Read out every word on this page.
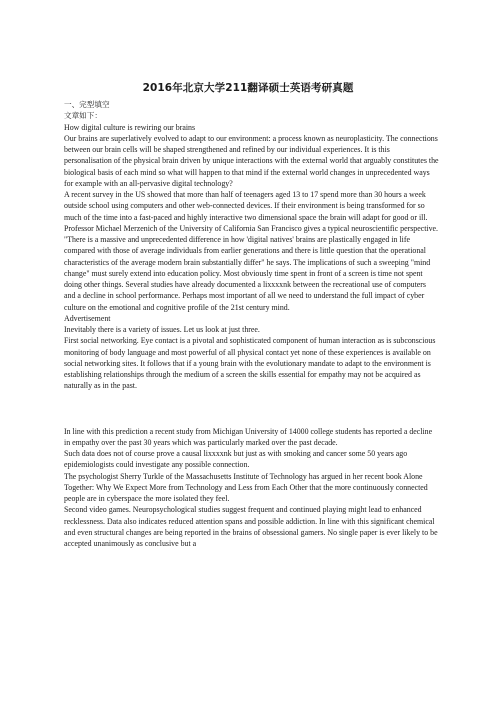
2016年北京大学211翻译硕士英语考研真题

一、完型填空

文章如下：

How digital culture is rewiring our brains

Our brains are superlatively evolved to adapt to our environment: a process known as neuroplasticity. The connections between our brain cells will be shaped strengthened and refined by our individual experiences. It is this personalisation of the physical brain driven by unique interactions with the external world that arguably constitutes the biological basis of each mind so what will happen to that mind if the external world changes in unprecedented ways for example with an all-pervasive digital technology?

A recent survey in the US showed that more than half of teenagers aged 13 to 17 spend more than 30 hours a week outside school using computers and other web-connected devices. If their environment is being transformed for so much of the time into a fast-paced and highly interactive two dimensional space the brain will adapt for good or ill. Professor Michael Merzenich of the University of California San Francisco gives a typical neuroscientific perspective.

"There is a massive and unprecedented difference in how 'digital natives' brains are plastically engaged in life compared with those of average individuals from earlier generations and there is little question that the operational characteristics of the average modern brain substantially differ" he says. The implications of such a sweeping "mind change" must surely extend into education policy. Most obviously time spent in front of a screen is time not spent doing other things. Several studies have already documented a lixxxxnk between the recreational use of computers and a decline in school performance. Perhaps most important of all we need to understand the full impact of cyber culture on the emotional and cognitive profile of the 21st century mind.

Advertisement

Inevitably there is a variety of issues. Let us look at just three.

First social networking. Eye contact is a pivotal and sophisticated component of human interaction as is subconscious monitoring of body language and most powerful of all physical contact yet none of these experiences is available on social networking sites. It follows that if a young brain with the evolutionary mandate to adapt to the environment is establishing relationships through the medium of a screen the skills essential for empathy may not be acquired as naturally as in the past.

In line with this prediction a recent study from Michigan University of 14000 college students has reported a decline in empathy over the past 30 years which was particularly marked over the past decade.

Such data does not of course prove a causal lixxxxnk but just as with smoking and cancer some 50 years ago epidemiologists could investigate any possible connection.

The psychologist Sherry Turkle of the Massachusetts Institute of Technology has argued in her recent book Alone Together: Why We Expect More from Technology and Less from Each Other that the more continuously connected people are in cyberspace the more isolated they feel.

Second video games. Neuropsychological studies suggest frequent and continued playing might lead to enhanced recklessness. Data also indicates reduced attention spans and possible addiction. In line with this significant chemical and even structural changes are being reported in the brains of obsessional gamers. No single paper is ever likely to be accepted unanimously as conclusive but a
